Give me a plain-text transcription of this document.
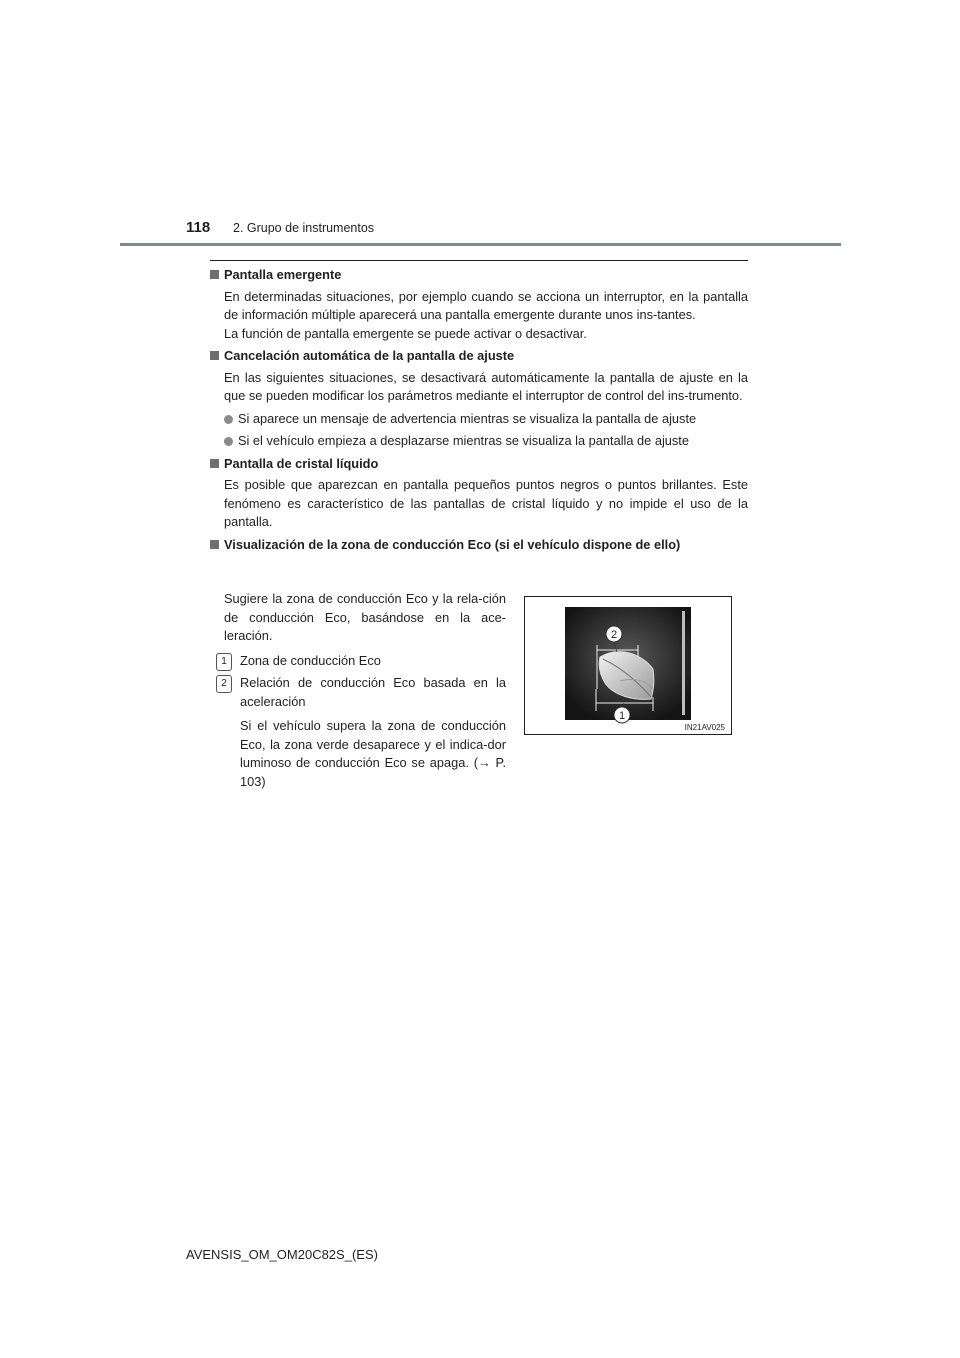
118 2. Grupo de instrumentos
Pantalla emergente
En determinadas situaciones, por ejemplo cuando se acciona un interruptor, en la pantalla de información múltiple aparecerá una pantalla emergente durante unos ins-tantes.
La función de pantalla emergente se puede activar o desactivar.
Cancelación automática de la pantalla de ajuste
En las siguientes situaciones, se desactivará automáticamente la pantalla de ajuste en la que se pueden modificar los parámetros mediante el interruptor de control del ins-trumento.
Si aparece un mensaje de advertencia mientras se visualiza la pantalla de ajuste
Si el vehículo empieza a desplazarse mientras se visualiza la pantalla de ajuste
Pantalla de cristal líquido
Es posible que aparezcan en pantalla pequeños puntos negros o puntos brillantes. Este fenómeno es característico de las pantallas de cristal líquido y no impide el uso de la pantalla.
Visualización de la zona de conducción Eco (si el vehículo dispone de ello)
Sugiere la zona de conducción Eco y la rela-ción de conducción Eco, basándose en la ace-leración.
1	Zona de conducción Eco
2	Relación de conducción Eco basada en la aceleración
Si el vehículo supera la zona de conducción Eco, la zona verde desaparece y el indica-dor luminoso de conducción Eco se apaga. (→ P. 103)
2
1
IN21AV025
AVENSIS_OM_OM20C82S_(ES)
